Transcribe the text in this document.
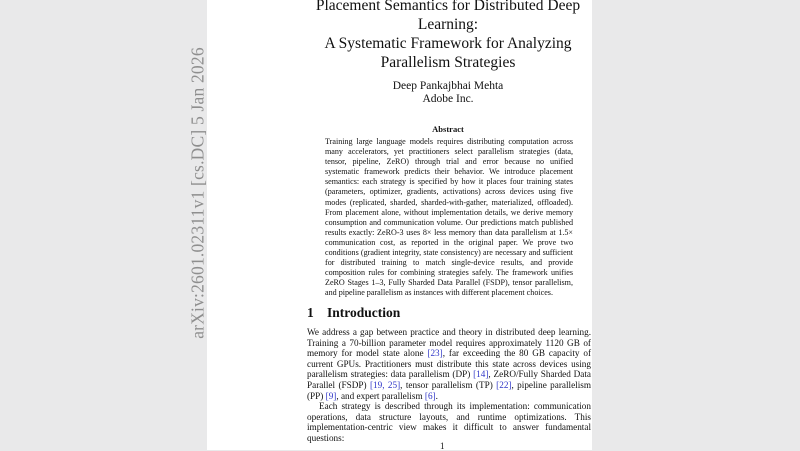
arXiv:2601.02311v1 [cs.DC] 5 Jan 2026
Placement Semantics for Distributed Deep
Learning:
A Systematic Framework for Analyzing
Parallelism Strategies
Deep Pankajbhai Mehta
Adobe Inc.
Abstract
Training large language models requires distributing computation across many accelerators, yet practitioners select parallelism strategies (data, tensor, pipeline, ZeRO) through trial and error because no unified systematic framework predicts their behavior. We introduce placement semantics: each strategy is specified by how it places four training states (parameters, optimizer, gradients, activations) across devices using five modes (replicated, sharded, sharded-with-gather, materialized, offloaded). From placement alone, without implementation details, we derive memory consumption and communication volume. Our predictions match published results exactly: ZeRO-3 uses 8× less memory than data parallelism at 1.5× communication cost, as reported in the original paper. We prove two conditions (gradient integrity, state consistency) are necessary and sufficient for distributed training to match single-device results, and provide composition rules for combining strategies safely. The framework unifies ZeRO Stages 1–3, Fully Sharded Data Parallel (FSDP), tensor parallelism, and pipeline parallelism as instances with different placement choices.
1 Introduction

We address a gap between practice and theory in distributed deep learning. Training a 70-billion parameter model requires approximately 1120 GB of memory for model state alone [23], far exceeding the 80 GB capacity of current GPUs. Practitioners must distribute this state across devices using parallelism strategies: data parallelism (DP) [14], ZeRO/Fully Sharded Data Parallel (FSDP) [19, 25], tensor parallelism (TP) [22], pipeline parallelism (PP) [9], and expert parallelism [6].

Each strategy is described through its implementation: communication operations, data structure layouts, and runtime optimizations. This implementation-centric view makes it difficult to answer fundamental questions:

1
